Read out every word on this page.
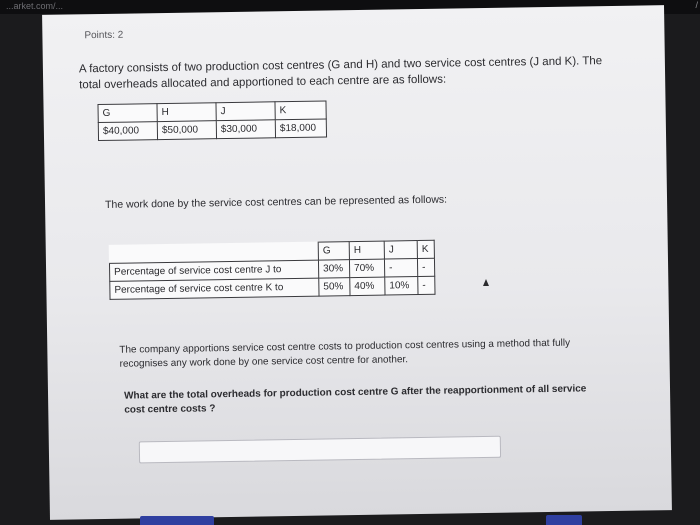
...arket.com/...	/
Points: 2
A factory consists of two production cost centres (G and H) and two service cost centres (J and K). The total overheads allocated and apportioned to each centre are as follows:
G	H	J	K
$40,000	$50,000	$30,000	$18,000
The work done by the service cost centres can be represented as follows:
	G	H	J	K
Percentage of service cost centre J to	30%	70%	-	-
Percentage of service cost centre K to	50%	40%	10%	-
The company apportions service cost centre costs to production cost centres using a method that fully recognises any work done by one service cost centre for another.
What are the total overheads for production cost centre G after the reapportionment of all service cost centre costs ?
